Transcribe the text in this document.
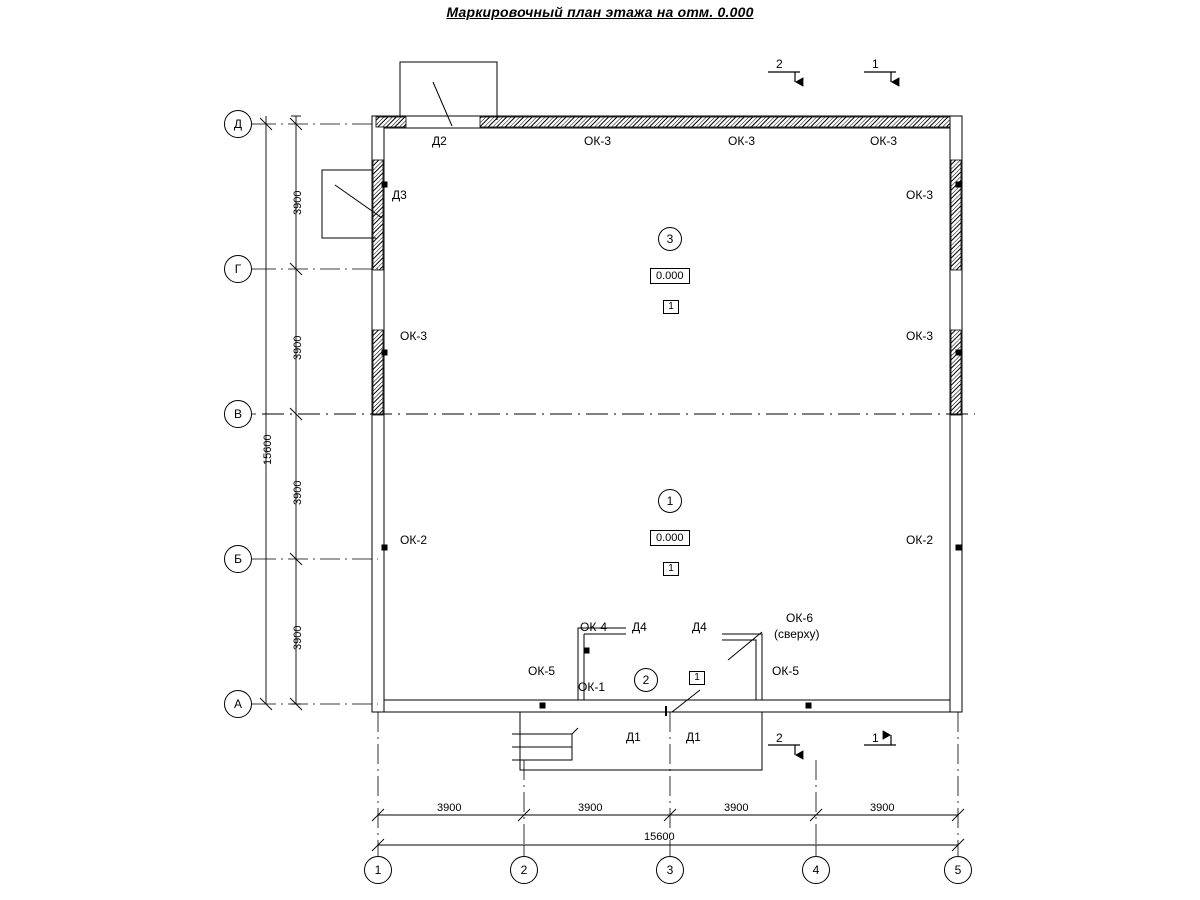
Маркировочный план этажа на отм. 0.000
Д
Г
В
Б
А
1	2	3	4	5
3900
3900
3900
3900
15600
3900	3900	3900	3900
15600
2	1
2	1
3
0.000
1
1
0.000
1
2	1
Д2
Д3
ОК-3	ОК-3	ОК-3
ОК-3
ОК-3
ОК-3
ОК-2	ОК-2
ОК-4 Д4	Д4
ОК-6
(сверху)
ОК-5	ОК-5
ОК-1
Д1	Д1
